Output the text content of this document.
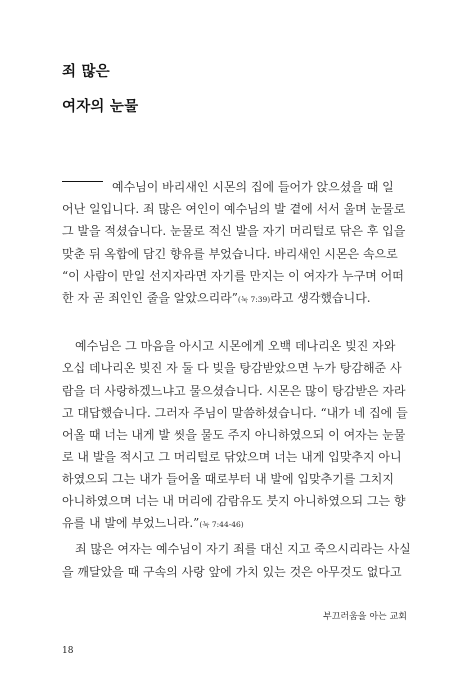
죄 많은
여자의 눈물
예수님이 바리새인 시몬의 집에 들어가 앉으셨을 때 일
어난 일입니다. 죄 많은 여인이 예수님의 발 곁에 서서 울며 눈물로
그 발을 적셨습니다. 눈물로 적신 발을 자기 머리털로 닦은 후 입을
맞춘 뒤 옥합에 담긴 향유를 부었습니다. 바리새인 시몬은 속으로
“이 사람이 만일 선지자라면 자기를 만지는 이 여자가 누구며 어떠
한 자 곧 죄인인 줄을 알았으리라”(눅 7:39)라고 생각했습니다.
예수님은 그 마음을 아시고 시몬에게 오백 데나리온 빚진 자와
오십 데나리온 빚진 자 둘 다 빚을 탕감받았으면 누가 탕감해준 사
람을 더 사랑하겠느냐고 물으셨습니다. 시몬은 많이 탕감받은 자라
고 대답했습니다. 그러자 주님이 말씀하셨습니다. “내가 네 집에 들
어올 때 너는 내게 발 씻을 물도 주지 아니하였으되 이 여자는 눈물
로 내 발을 적시고 그 머리털로 닦았으며 너는 내게 입맞추지 아니
하였으되 그는 내가 들어올 때로부터 내 발에 입맞추기를 그치지
아니하였으며 너는 내 머리에 감람유도 붓지 아니하였으되 그는 향
유를 내 발에 부었느니라.”(눅 7:44-46)
죄 많은 여자는 예수님이 자기 죄를 대신 지고 죽으시리라는 사실
을 깨달았을 때 구속의 사랑 앞에 가치 있는 것은 아무것도 없다고
부끄러움을 아는 교회
18
